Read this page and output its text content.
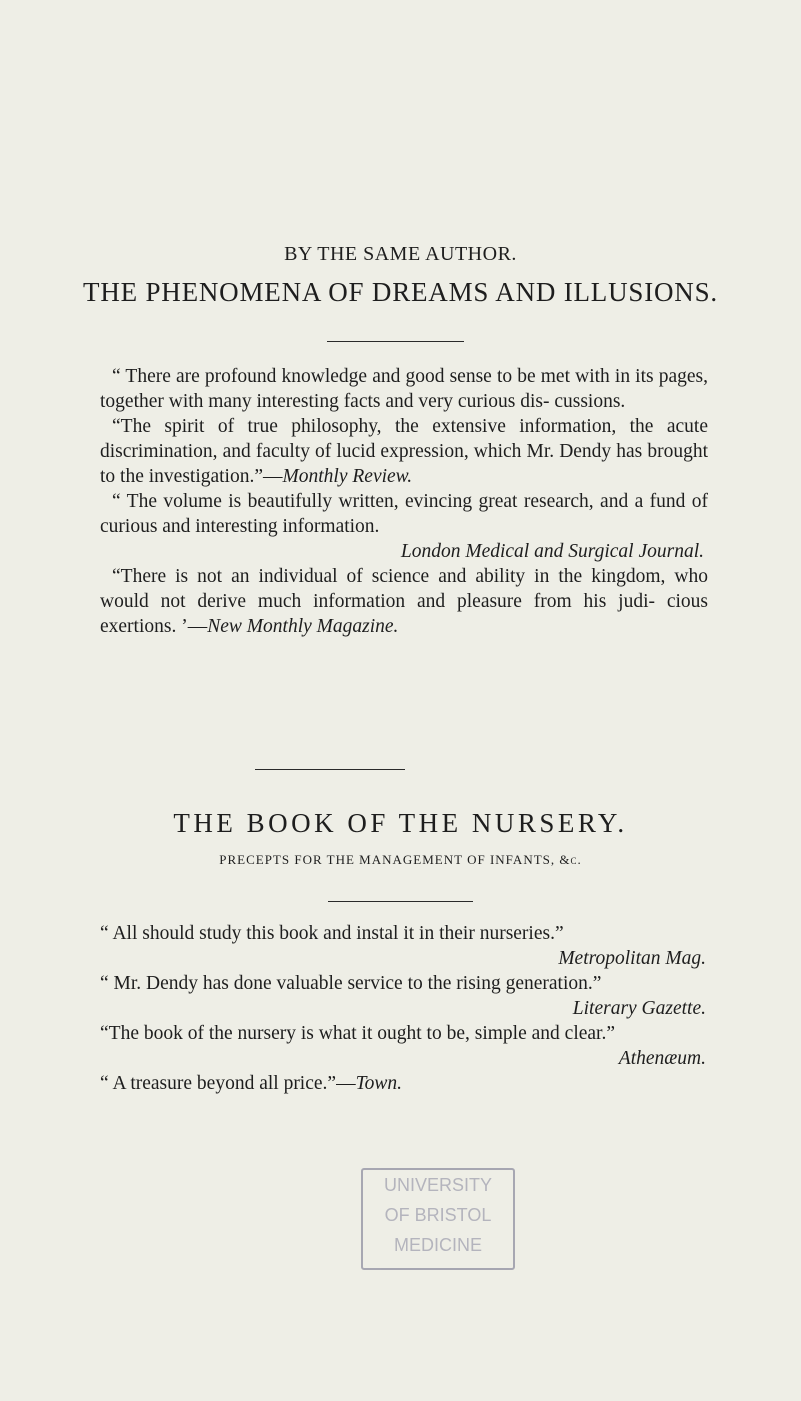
BY THE SAME AUTHOR.
THE PHENOMENA OF DREAMS AND ILLUSIONS.

“ There are profound knowledge and good sense to be met with in its pages, together with many interesting facts and very curious dis- cussions.

“The spirit of true philosophy, the extensive information, the acute discrimination, and faculty of lucid expression, which Mr. Dendy has brought to the investigation.”—Monthly Review.

“ The volume is beautifully written, evincing great research, and a fund of curious and interesting information.

London Medical and Surgical Journal.

“There is not an individual of science and ability in the kingdom, who would not derive much information and pleasure from his judi- cious exertions. ’—New Monthly Magazine.

THE BOOK OF THE NURSERY.
PRECEPTS FOR THE MANAGEMENT OF INFANTS, &c.

“ All should study this book and instal it in their nurseries.”

Metropolitan Mag.

“ Mr. Dendy has done valuable service to the rising generation.”

Literary Gazette.

“The book of the nursery is what it ought to be, simple and clear.”

Athenæum.

“ A treasure beyond all price.”—Town.

UNIVERSITY
OF BRISTOL
MEDICINE
